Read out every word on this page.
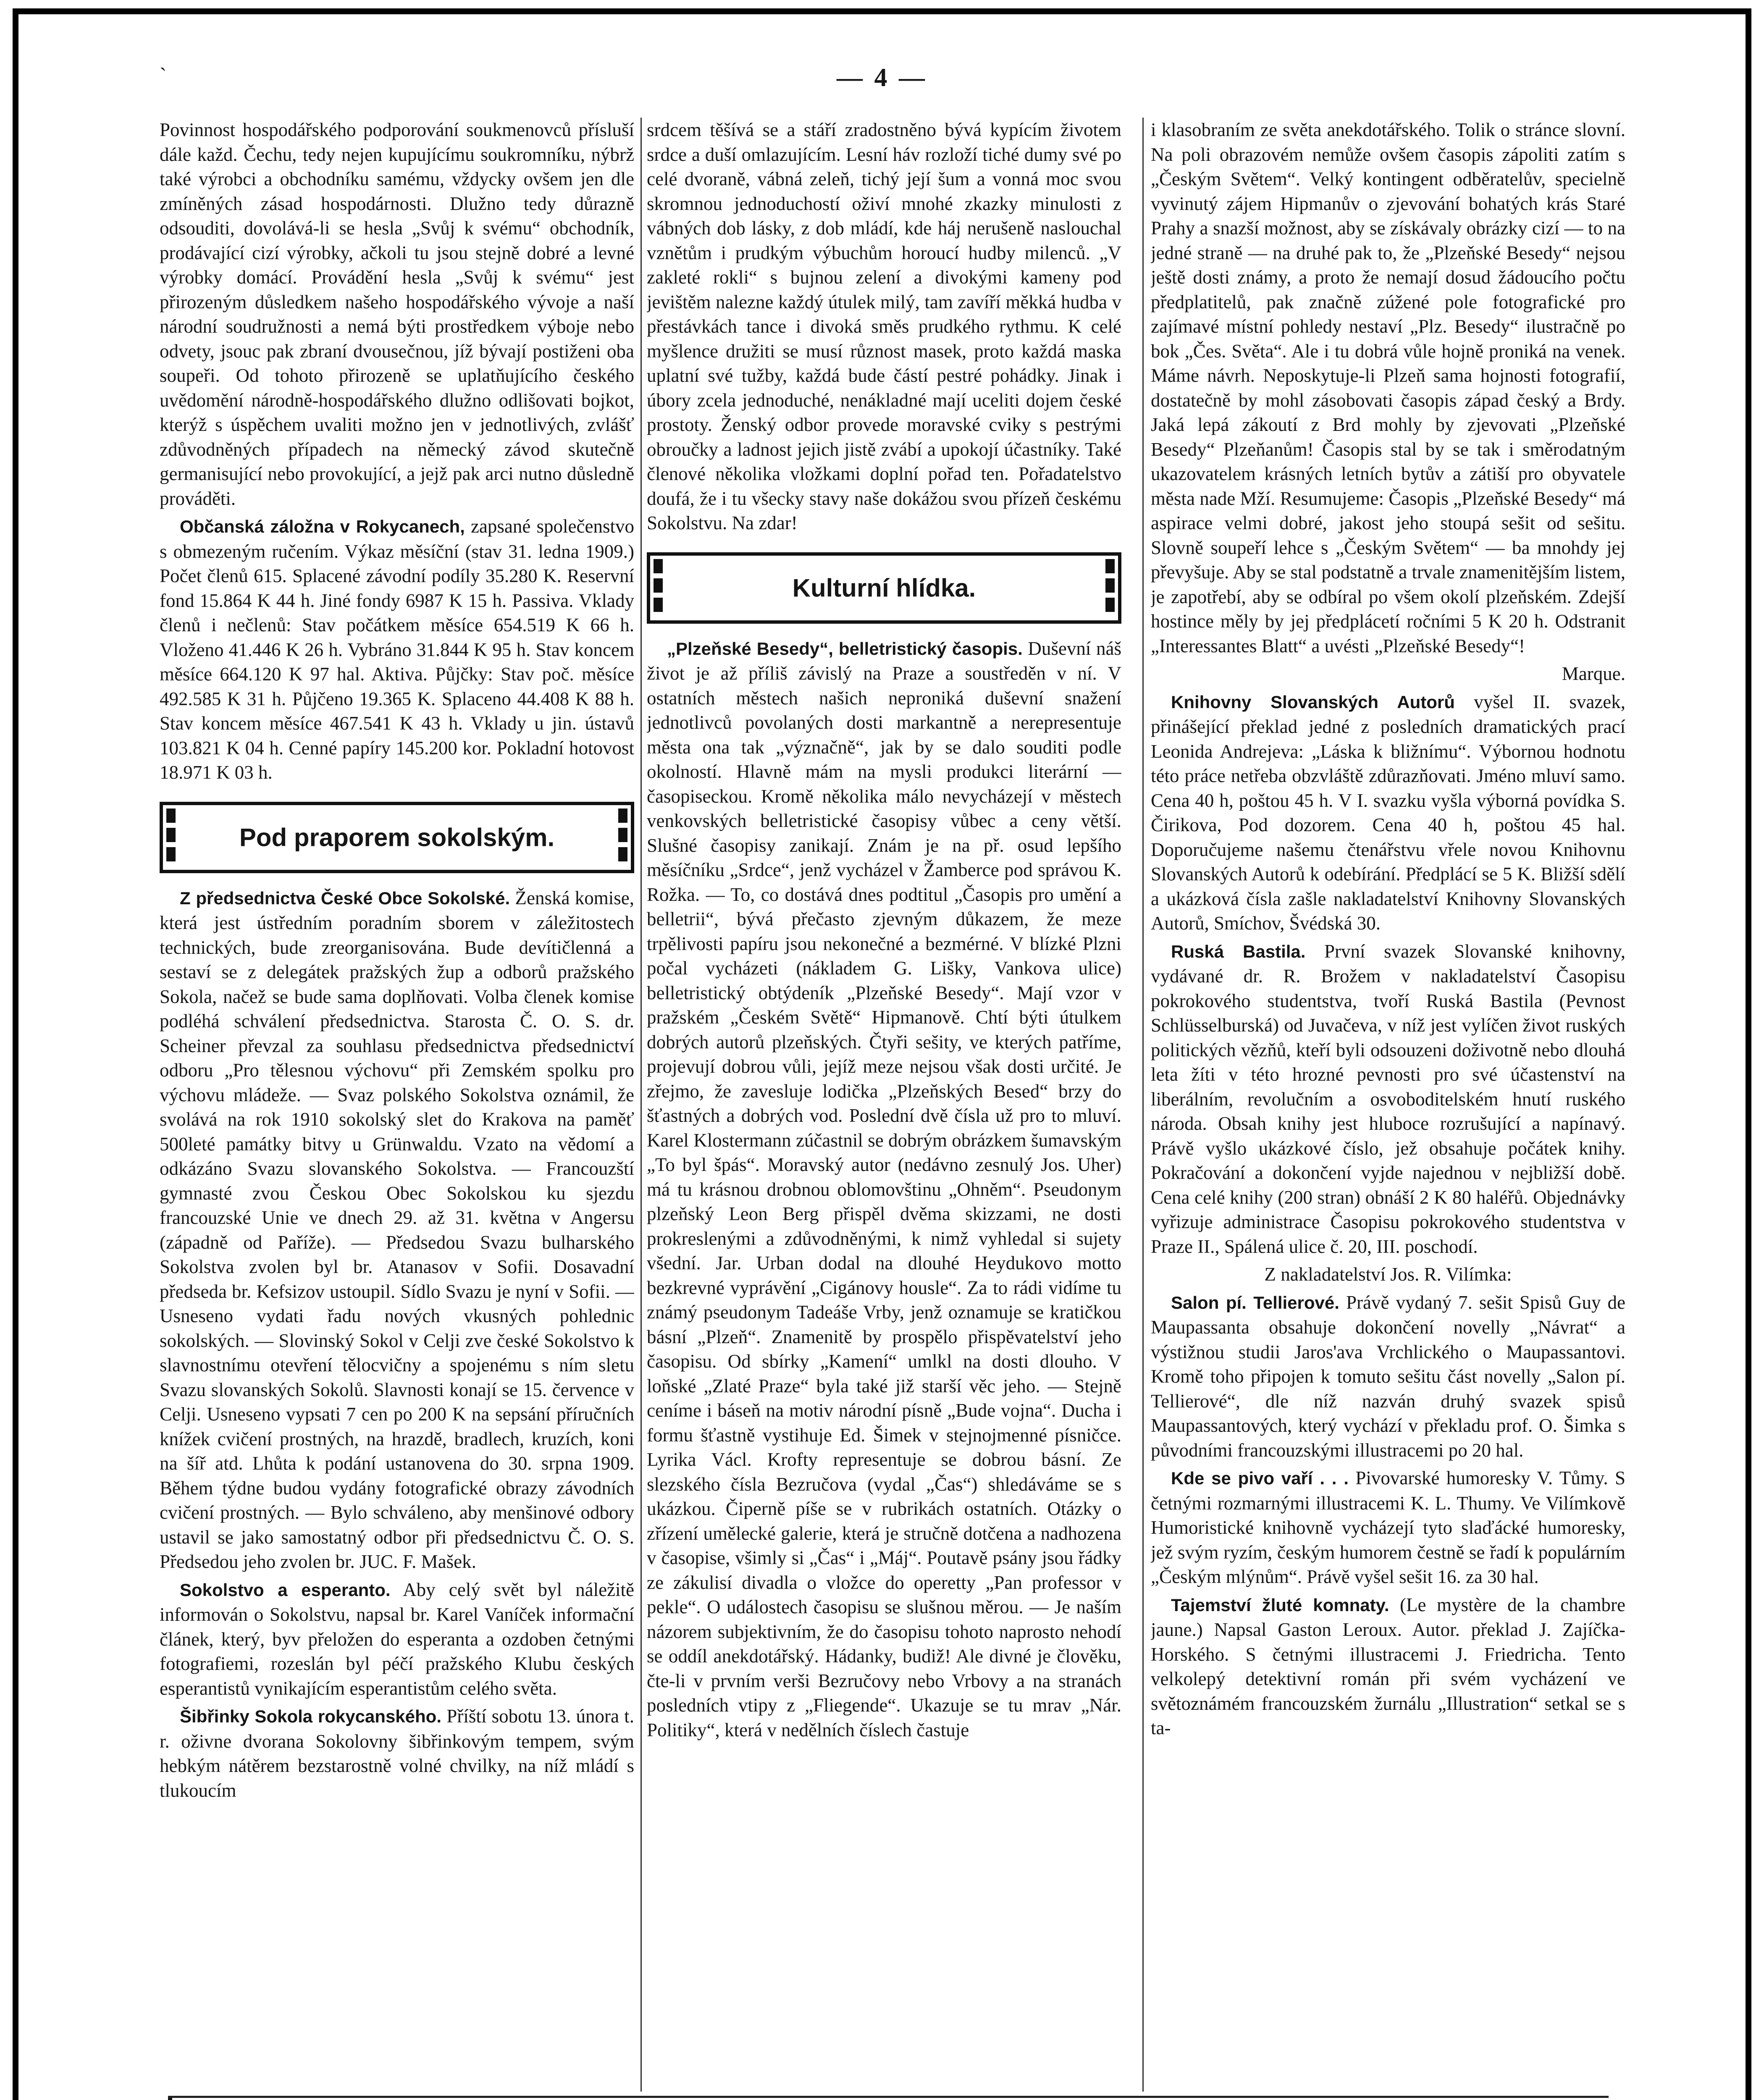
`	— 4 —

Povinnost hospodářského podporování soukmenovců přísluší dále každ. Čechu, tedy nejen kupujícímu soukromníku, nýbrž také výrobci a obchodníku samému, vždycky ovšem jen dle zmíněných zásad hospodárnosti. Dlužno tedy důrazně odsouditi, dovolává-li se hesla „Svůj k svému“ obchodník, prodávající cizí výrobky, ačkoli tu jsou stejně dobré a levné výrobky domácí. Provádění hesla „Svůj k svému“ jest přirozeným důsledkem našeho hospodářského vývoje a naší národní soudružnosti a nemá býti prostředkem výboje nebo odvety, jsouc pak zbraní dvousečnou, jíž bývají postiženi oba soupeři. Od tohoto přirozeně se uplatňujícího českého uvědomění národně-hospodářského dlužno odlišovati bojkot, kterýž s úspěchem uvaliti možno jen v jednotlivých, zvlášť zdůvodněných případech na německý závod skutečně germanisující nebo provokující, a jejž pak arci nutno důsledně prováděti.

Občanská záložna v Rokycanech, zapsané společenstvo s obmezeným ručením. Výkaz měsíční (stav 31. ledna 1909.) Počet členů 615. Splacené závodní podíly 35.280 K. Reservní fond 15.864 K 44 h. Jiné fondy 6987 K 15 h. Passiva. Vklady členů i nečlenů: Stav počátkem měsíce 654.519 K 66 h. Vloženo 41.446 K 26 h. Vybráno 31.844 K 95 h. Stav koncem měsíce 664.120 K 97 hal. Aktiva. Půjčky: Stav poč. měsíce 492.585 K 31 h. Půjčeno 19.365 K. Splaceno 44.408 K 88 h. Stav koncem měsíce 467.541 K 43 h. Vklady u jin. ústavů 103.821 K 04 h. Cenné papíry 145.200 kor. Pokladní hotovost 18.971 K 03 h.

Pod praporem sokolským.

Z předsednictva České Obce Sokolské. Ženská komise, která jest ústředním poradním sborem v záležitostech technických, bude zreorganisována. Bude devítičlenná a sestaví se z delegátek pražských žup a odborů pražského Sokola, načež se bude sama doplňovati. Volba členek komise podléhá schválení předsednictva. Starosta Č. O. S. dr. Scheiner převzal za souhlasu předsednictva předsednictví odboru „Pro tělesnou výchovu“ při Zemském spolku pro výchovu mládeže. — Svaz polského Sokolstva oznámil, že svolává na rok 1910 sokolský slet do Krakova na paměť 500leté památky bitvy u Grünwaldu. Vzato na vědomí a odkázáno Svazu slovanského Sokolstva. — Francouzští gymnasté zvou Českou Obec Sokolskou ku sjezdu francouzské Unie ve dnech 29. až 31. května v Angersu (západně od Paříže). — Předsedou Svazu bulharského Sokolstva zvolen byl br. Atanasov v Sofii. Dosavadní předseda br. Kefsizov ustoupil. Sídlo Svazu je nyní v Sofii. — Usneseno vydati řadu nových vkusných pohlednic sokolských. — Slovinský Sokol v Celji zve české Sokolstvo k slavnostnímu otevření tělocvičny a spojenému s ním sletu Svazu slovanských Sokolů. Slavnosti konají se 15. července v Celji. Usneseno vypsati 7 cen po 200 K na sepsání příručních knížek cvičení prostných, na hrazdě, bradlech, kruzích, koni na šíř atd. Lhůta k podání ustanovena do 30. srpna 1909. Během týdne budou vydány fotografické obrazy závodních cvičení prostných. — Bylo schváleno, aby menšinové odbory ustavil se jako samostatný odbor při předsednictvu Č. O. S. Předsedou jeho zvolen br. JUC. F. Mašek.

Sokolstvo a esperanto. Aby celý svět byl náležitě informován o Sokolstvu, napsal br. Karel Vaníček informační článek, který, byv přeložen do esperanta a ozdoben četnými fotografiemi, rozeslán byl péčí pražského Klubu českých esperantistů vynikajícím esperantistům celého světa.

Šibřinky Sokola rokycanského. Příští sobotu 13. února t. r. oživne dvorana Sokolovny šibřinkovým tempem, svým hebkým nátěrem bezstarostně volné chvilky, na níž mládí s tlukoucím

srdcem těšívá se a stáří zradostněno bývá kypícím životem srdce a duší omlazujícím. Lesní háv rozloží tiché dumy své po celé dvoraně, vábná zeleň, tichý její šum a vonná moc svou skromnou jednoduchostí oživí mnohé zkazky minulosti z vábných dob lásky, z dob mládí, kde háj nerušeně naslouchal vznětům i prudkým výbuchům horoucí hudby milenců. „V zakleté rokli“ s bujnou zelení a divokými kameny pod jevištěm nalezne každý útulek milý, tam zavíří měkká hudba v přestávkách tance i divoká směs prudkého rythmu. K celé myšlence družiti se musí různost masek, proto každá maska uplatní své tužby, každá bude částí pestré pohádky. Jinak i úbory zcela jednoduché, nenákladné mají uceliti dojem české prostoty. Ženský odbor provede moravské cviky s pestrými obroučky a ladnost jejich jistě zvábí a upokojí účastníky. Také členové několika vložkami doplní pořad ten. Pořadatelstvo doufá, že i tu všecky stavy naše dokážou svou přízeň českému Sokolstvu. Na zdar!

Kulturní hlídka.

„Plzeňské Besedy“, belletristický časopis. Duševní náš život je až příliš závislý na Praze a soustředěn v ní. V ostatních městech našich neproniká duševní snažení jednotlivců povolaných dosti markantně a nerepresentuje města ona tak „význačně“, jak by se dalo souditi podle okolností. Hlavně mám na mysli produkci literární — časopiseckou. Kromě několika málo nevycházejí v městech venkovských belletristické časopisy vůbec a ceny větší. Slušné časopisy zanikají. Znám je na př. osud lepšího měsíčníku „Srdce“, jenž vycházel v Žamberce pod správou K. Rožka. — To, co dostává dnes podtitul „Časopis pro umění a belletrii“, bývá přečasto zjevným důkazem, že meze trpělivosti papíru jsou nekonečné a bezmérné. V blízké Plzni počal vycházeti (nákladem G. Lišky, Vankova ulice) belletristický obtýdeník „Plzeňské Besedy“. Mají vzor v pražském „Českém Světě“ Hipmanově. Chtí býti útulkem dobrých autorů plzeňských. Čtyři sešity, ve kterých patříme, projevují dobrou vůli, jejíž meze nejsou však dosti určité. Je zřejmo, že zavesluje lodička „Plzeňských Besed“ brzy do šťastných a dobrých vod. Poslední dvě čísla už pro to mluví. Karel Klostermann zúčastnil se dobrým obrázkem šumavským „To byl špás“. Moravský autor (nedávno zesnulý Jos. Uher) má tu krásnou drobnou oblomovštinu „Ohněm“. Pseudonym plzeňský Leon Berg přispěl dvěma skizzami, ne dosti prokreslenými a zdůvodněnými, k nimž vyhledal si sujety všední. Jar. Urban dodal na dlouhé Heydukovo motto bezkrevné vyprávění „Cigánovy housle“. Za to rádi vidíme tu známý pseudonym Tadeáše Vrby, jenž oznamuje se kratičkou básní „Plzeň“. Znamenitě by prospělo přispěvatelství jeho časopisu. Od sbírky „Kamení“ umlkl na dosti dlouho. V loňské „Zlaté Praze“ byla také již starší věc jeho. — Stejně ceníme i báseň na motiv národní písně „Bude vojna“. Ducha i formu šťastně vystihuje Ed. Šimek v stejnojmenné písničce. Lyrika Václ. Krofty representuje se dobrou básní. Ze slezského čísla Bezručova (vydal „Čas“) shledáváme se s ukázkou. Čiperně píše se v rubrikách ostatních. Otázky o zřízení umělecké galerie, která je stručně dotčena a nadhozena v časopise, všimly si „Čas“ i „Máj“. Poutavě psány jsou řádky ze zákulisí divadla o vložce do operetty „Pan professor v pekle“. O událostech časopisu se slušnou měrou. — Je naším názorem subjektivním, že do časopisu tohoto naprosto nehodí se oddíl anekdotářský. Hádanky, budiž! Ale divné je člověku, čte-li v prvním verši Bezručovy nebo Vrbovy a na stranách posledních vtipy z „Fliegende“. Ukazuje se tu mrav „Nár. Politiky“, která v nedělních číslech častuje

i klasobraním ze světa anekdotářského. Tolik o stránce slovní. Na poli obrazovém nemůže ovšem časopis zápoliti zatím s „Českým Světem“. Velký kontingent odběratelův, specielně vyvinutý zájem Hipmanův o zjevování bohatých krás Staré Prahy a snazší možnost, aby se získávaly obrázky cizí — to na jedné straně — na druhé pak to, že „Plzeňské Besedy“ nejsou ještě dosti známy, a proto že nemají dosud žádoucího počtu předplatitelů, pak značně zúžené pole fotografické pro zajímavé místní pohledy nestaví „Plz. Besedy“ ilustračně po bok „Čes. Světa“. Ale i tu dobrá vůle hojně proniká na venek. Máme návrh. Neposkytuje-li Plzeň sama hojnosti fotografií, dostatečně by mohl zásobovati časopis západ český a Brdy. Jaká lepá zákoutí z Brd mohly by zjevovati „Plzeňské Besedy“ Plzeňanům! Časopis stal by se tak i směrodatným ukazovatelem krásných letních bytův a zátiší pro obyvatele města nade Mží. Resumujeme: Časopis „Plzeňské Besedy“ má aspirace velmi dobré, jakost jeho stoupá sešit od sešitu. Slovně soupeří lehce s „Českým Světem“ — ba mnohdy jej převyšuje. Aby se stal podstatně a trvale znamenitějším listem, je zapotřebí, aby se odbíral po všem okolí plzeňském. Zdejší hostince měly by jej předplácetí ročními 5 K 20 h. Odstranit „Interessantes Blatt“ a uvésti „Plzeňské Besedy“!

Marque.

Knihovny Slovanských Autorů vyšel II. svazek, přinášející překlad jedné z posledních dramatických prací Leonida Andrejeva: „Láska k bližnímu“. Výbornou hodnotu této práce netřeba obzvláště zdůrazňovati. Jméno mluví samo. Cena 40 h, poštou 45 h. V I. svazku vyšla výborná povídka S. Čirikova, Pod dozorem. Cena 40 h, poštou 45 hal. Doporučujeme našemu čtenářstvu vřele novou Knihovnu Slovanských Autorů k odebírání. Předplácí se 5 K. Bližší sdělí a ukázková čísla zašle nakladatelství Knihovny Slovanských Autorů, Smíchov, Švédská 30.

Ruská Bastila. První svazek Slovanské knihovny, vydávané dr. R. Brožem v nakladatelství Časopisu pokrokového studentstva, tvoří Ruská Bastila (Pevnost Schlüsselburská) od Juvačeva, v níž jest vylíčen život ruských politických vězňů, kteří byli odsouzeni doživotně nebo dlouhá leta žíti v této hrozné pevnosti pro své účastenství na liberálním, revolučním a osvoboditelském hnutí ruského národa. Obsah knihy jest hluboce rozrušující a napínavý. Právě vyšlo ukázkové číslo, jež obsahuje počátek knihy. Pokračování a dokončení vyjde najednou v nejbližší době. Cena celé knihy (200 stran) obnáší 2 K 80 haléřů. Objednávky vyřizuje administrace Časopisu pokrokového studentstva v Praze II., Spálená ulice č. 20, III. poschodí.

Z nakladatelství Jos. R. Vilímka:

Salon pí. Tellierové. Právě vydaný 7. sešit Spisů Guy de Maupassanta obsahuje dokončení novelly „Návrat“ a výstižnou studii Jaros'ava Vrchlického o Maupassantovi. Kromě toho připojen k tomuto sešitu část novelly „Salon pí. Tellierové“, dle níž nazván druhý svazek spisů Maupassantových, který vychází v překladu prof. O. Šimka s původními francouzskými illustracemi po 20 hal.

Kde se pivo vaří . . . Pivovarské humoresky V. Tůmy. S četnými rozmarnými illustracemi K. L. Thumy. Ve Vilímkově Humoristické knihovně vycházejí tyto slaďácké humoresky, jež svým ryzím, českým humorem čestně se řadí k populárním „Českým mlýnům“. Právě vyšel sešit 16. za 30 hal.

Tajemství žluté komnaty. (Le mystère de la chambre jaune.) Napsal Gaston Leroux. Autor. překlad J. Zajíčka-Horského. S četnými illustracemi J. Friedricha. Tento velkolepý detektivní román při svém vycházení ve světoznámém francouzském žurnálu „Illustration“ setkal se s ta-
